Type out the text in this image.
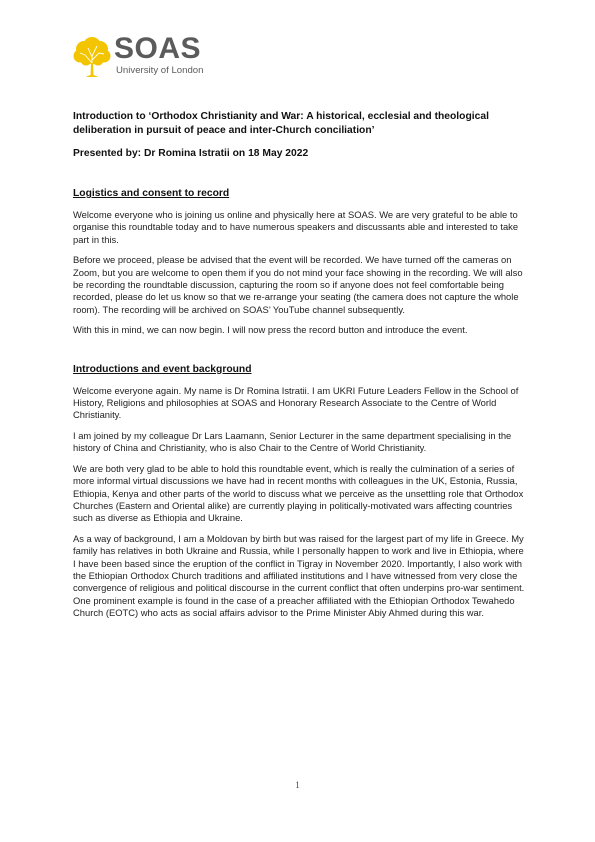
SOAS
University of London

Introduction to ‘Orthodox Christianity and War: A historical, ecclesial and theological deliberation in pursuit of peace and inter-Church conciliation’

Presented by: Dr Romina Istratii on 18 May 2022

Logistics and consent to record

Welcome everyone who is joining us online and physically here at SOAS. We are very grateful to be able to organise this roundtable today and to have numerous speakers and discussants able and interested to take part in this.

Before we proceed, please be advised that the event will be recorded. We have turned off the cameras on Zoom, but you are welcome to open them if you do not mind your face showing in the recording. We will also be recording the roundtable discussion, capturing the room so if anyone does not feel comfortable being recorded, please do let us know so that we re-arrange your seating (the camera does not capture the whole room). The recording will be archived on SOAS’ YouTube channel subsequently.

With this in mind, we can now begin. I will now press the record button and introduce the event.

Introductions and event background

Welcome everyone again. My name is Dr Romina Istratii. I am UKRI Future Leaders Fellow in the School of History, Religions and philosophies at SOAS and Honorary Research Associate to the Centre of World Christianity.

I am joined by my colleague Dr Lars Laamann, Senior Lecturer in the same department specialising in the history of China and Christianity, who is also Chair to the Centre of World Christianity.

We are both very glad to be able to hold this roundtable event, which is really the culmination of a series of more informal virtual discussions we have had in recent months with colleagues in the UK, Estonia, Russia, Ethiopia, Kenya and other parts of the world to discuss what we perceive as the unsettling role that Orthodox Churches (Eastern and Oriental alike) are currently playing in politically-motivated wars affecting countries such as diverse as Ethiopia and Ukraine.

As a way of background, I am a Moldovan by birth but was raised for the largest part of my life in Greece. My family has relatives in both Ukraine and Russia, while I personally happen to work and live in Ethiopia, where I have been based since the eruption of the conflict in Tigray in November 2020. Importantly, I also work with the Ethiopian Orthodox Church traditions and affiliated institutions and I have witnessed from very close the convergence of religious and political discourse in the current conflict that often underpins pro-war sentiment. One prominent example is found in the case of a preacher affiliated with the Ethiopian Orthodox Tewahedo Church (EOTC) who acts as social affairs advisor to the Prime Minister Abiy Ahmed during this war.

1
